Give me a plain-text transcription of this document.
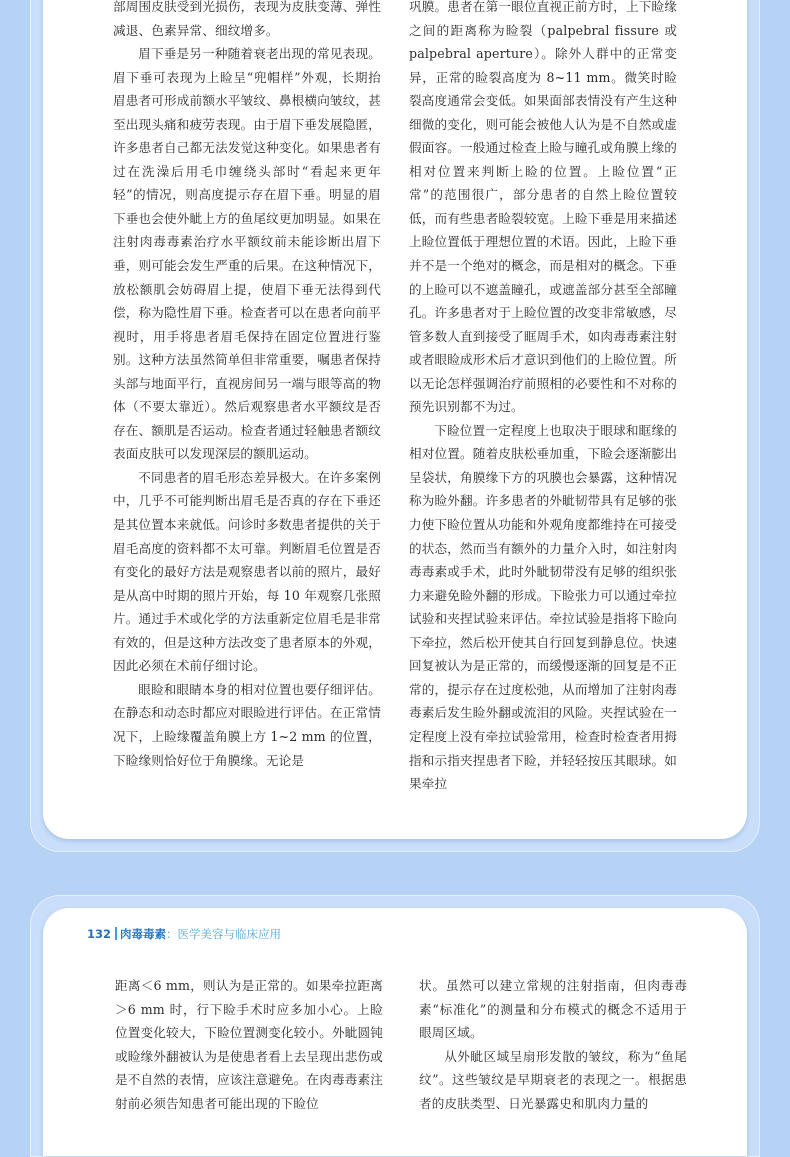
部周围皮肤受到光损伤，表现为皮肤变薄、弹性减退、色素异常、细纹增多。

眉下垂是另一种随着衰老出现的常见表现。眉下垂可表现为上睑呈“兜帽样”外观，长期抬眉患者可形成前额水平皱纹、鼻根横向皱纹，甚至出现头痛和疲劳表现。由于眉下垂发展隐匿，许多患者自己都无法发觉这种变化。如果患者有过在洗澡后用毛巾缠绕头部时“看起来更年轻”的情况，则高度提示存在眉下垂。明显的眉下垂也会使外眦上方的鱼尾纹更加明显。如果在注射肉毒毒素治疗水平额纹前未能诊断出眉下垂，则可能会发生严重的后果。在这种情况下，放松额肌会妨碍眉上提，使眉下垂无法得到代偿，称为隐性眉下垂。检查者可以在患者向前平视时，用手将患者眉毛保持在固定位置进行鉴别。这种方法虽然简单但非常重要，嘱患者保持头部与地面平行，直视房间另一端与眼等高的物体（不要太靠近）。然后观察患者水平额纹是否存在、额肌是否运动。检查者通过轻触患者额纹表面皮肤可以发现深层的额肌运动。

不同患者的眉毛形态差异极大。在许多案例中，几乎不可能判断出眉毛是否真的存在下垂还是其位置本来就低。问诊时多数患者提供的关于眉毛高度的资料都不太可靠。判断眉毛位置是否有变化的最好方法是观察患者以前的照片，最好是从高中时期的照片开始，每 10 年观察几张照片。通过手术或化学的方法重新定位眉毛是非常有效的，但是这种方法改变了患者原本的外观，因此必须在术前仔细讨论。

眼睑和眼睛本身的相对位置也要仔细评估。在静态和动态时都应对眼睑进行评估。在正常情况下，上睑缘覆盖角膜上方 1~2 mm 的位置，下睑缘则恰好位于角膜缘。无论是

巩膜。患者在第一眼位直视正前方时，上下睑缘之间的距离称为睑裂（palpebral fissure 或 palpebral aperture）。除外人群中的正常变异，正常的睑裂高度为 8~11 mm。微笑时睑裂高度通常会变低。如果面部表情没有产生这种细微的变化，则可能会被他人认为是不自然或虚假面容。一般通过检查上睑与瞳孔或角膜上缘的相对位置来判断上睑的位置。上睑位置“正常”的范围很广，部分患者的自然上睑位置较低，而有些患者睑裂较宽。上睑下垂是用来描述上睑位置低于理想位置的术语。因此，上睑下垂并不是一个绝对的概念，而是相对的概念。下垂的上睑可以不遮盖瞳孔，或遮盖部分甚至全部瞳孔。许多患者对于上睑位置的改变非常敏感，尽管多数人直到接受了眶周手术，如肉毒毒素注射或者眼睑成形术后才意识到他们的上睑位置。所以无论怎样强调治疗前照相的必要性和不对称的预先识别都不为过。

下睑位置一定程度上也取决于眼球和眶缘的相对位置。随着皮肤松垂加重，下睑会逐渐膨出呈袋状，角膜缘下方的巩膜也会暴露，这种情况称为睑外翻。许多患者的外眦韧带具有足够的张力使下睑位置从功能和外观角度都维持在可接受的状态，然而当有额外的力量介入时，如注射肉毒毒素或手术，此时外眦韧带没有足够的组织张力来避免睑外翻的形成。下睑张力可以通过牵拉试验和夹捏试验来评估。牵拉试验是指将下睑向下牵拉，然后松开使其自行回复到静息位。快速回复被认为是正常的，而缓慢逐渐的回复是不正常的，提示存在过度松弛，从而增加了注射肉毒毒素后发生睑外翻或流泪的风险。夹捏试验在一定程度上没有牵拉试验常用，检查时检查者用拇指和示指夹捏患者下睑，并轻轻按压其眼球。如果牵拉

132 肉毒毒素：医学美容与临床应用

距离＜6 mm，则认为是正常的。如果牵拉距离＞6 mm 时，行下睑手术时应多加小心。上睑位置变化较大，下睑位置测变化较小。外眦圆钝或睑缘外翻被认为是使患者看上去呈现出悲伤或是不自然的表情，应该注意避免。在肉毒毒素注射前必须告知患者可能出现的下睑位

状。虽然可以建立常规的注射指南，但肉毒毒素“标准化”的测量和分布模式的概念不适用于眼周区域。

从外眦区域呈扇形发散的皱纹，称为“鱼尾纹”。这些皱纹是早期衰老的表现之一。根据患者的皮肤类型、日光暴露史和肌肉力量的
